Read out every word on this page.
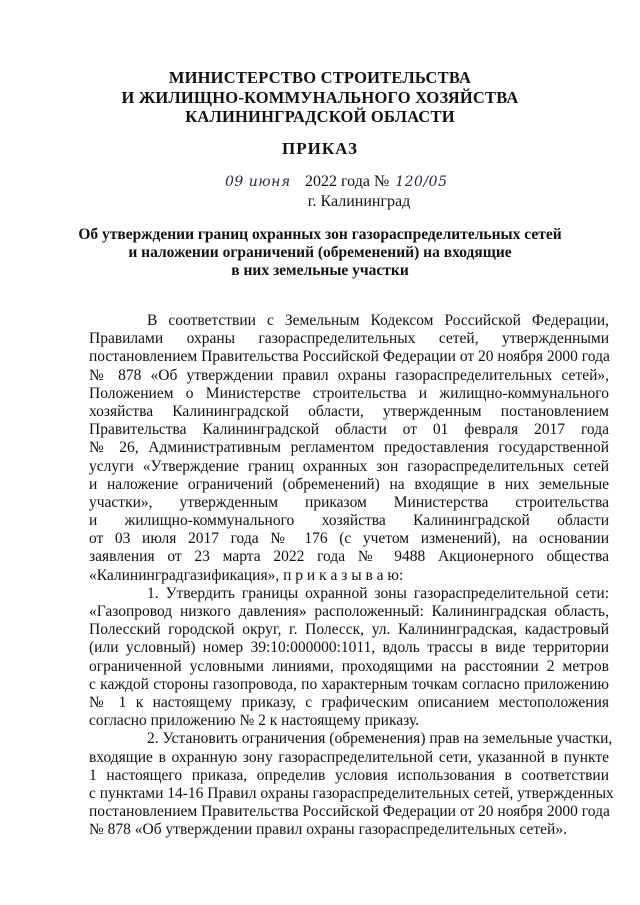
МИНИСТЕРСТВО СТРОИТЕЛЬСТВА
И ЖИЛИЩНО-КОММУНАЛЬНОГО ХОЗЯЙСТВА
КАЛИНИНГРАДСКОЙ ОБЛАСТИ
ПРИКАЗ
09 июня 2022 года № 120/05
г. Калининград
Об утверждении границ охранных зон газораспределительных сетей
и наложении ограничений (обременений) на входящие
в них земельные участки
В соответствии с Земельным Кодексом Российской Федерации,
Правилами охраны газораспределительных сетей, утвержденными
постановлением Правительства Российской Федерации от 20 ноября 2000 года
№ 878 «Об утверждении правил охраны газораспределительных сетей»,
Положением о Министерстве строительства и жилищно-коммунального
хозяйства Калининградской области, утвержденным постановлением
Правительства Калининградской области от 01 февраля 2017 года
№ 26, Административным регламентом предоставления государственной
услуги «Утверждение границ охранных зон газораспределительных сетей
и наложение ограничений (обременений) на входящие в них земельные
участки», утвержденным приказом Министерства строительства
и жилищно-коммунального хозяйства Калининградской области
от 03 июля 2017 года № 176 (с учетом изменений), на основании
заявления от 23 марта 2022 года № 9488 Акционерного общества
«Калининградгазификация», п р и к а з ы в а ю:
1. Утвердить границы охранной зоны газораспределительной сети:
«Газопровод низкого давления» расположенный: Калининградская область,
Полесский городской округ, г. Полесск, ул. Калининградская, кадастровый
(или условный) номер 39:10:000000:1011, вдоль трассы в виде территории
ограниченной условными линиями, проходящими на расстоянии 2 метров
с каждой стороны газопровода, по характерным точкам согласно приложению
№ 1 к настоящему приказу, с графическим описанием местоположения
согласно приложению № 2 к настоящему приказу.
2. Установить ограничения (обременения) прав на земельные участки,
входящие в охранную зону газораспределительной сети, указанной в пункте
1 настоящего приказа, определив условия использования в соответствии
с пунктами 14-16 Правил охраны газораспределительных сетей, утвержденных
постановлением Правительства Российской Федерации от 20 ноября 2000 года
№ 878 «Об утверждении правил охраны газораспределительных сетей».
